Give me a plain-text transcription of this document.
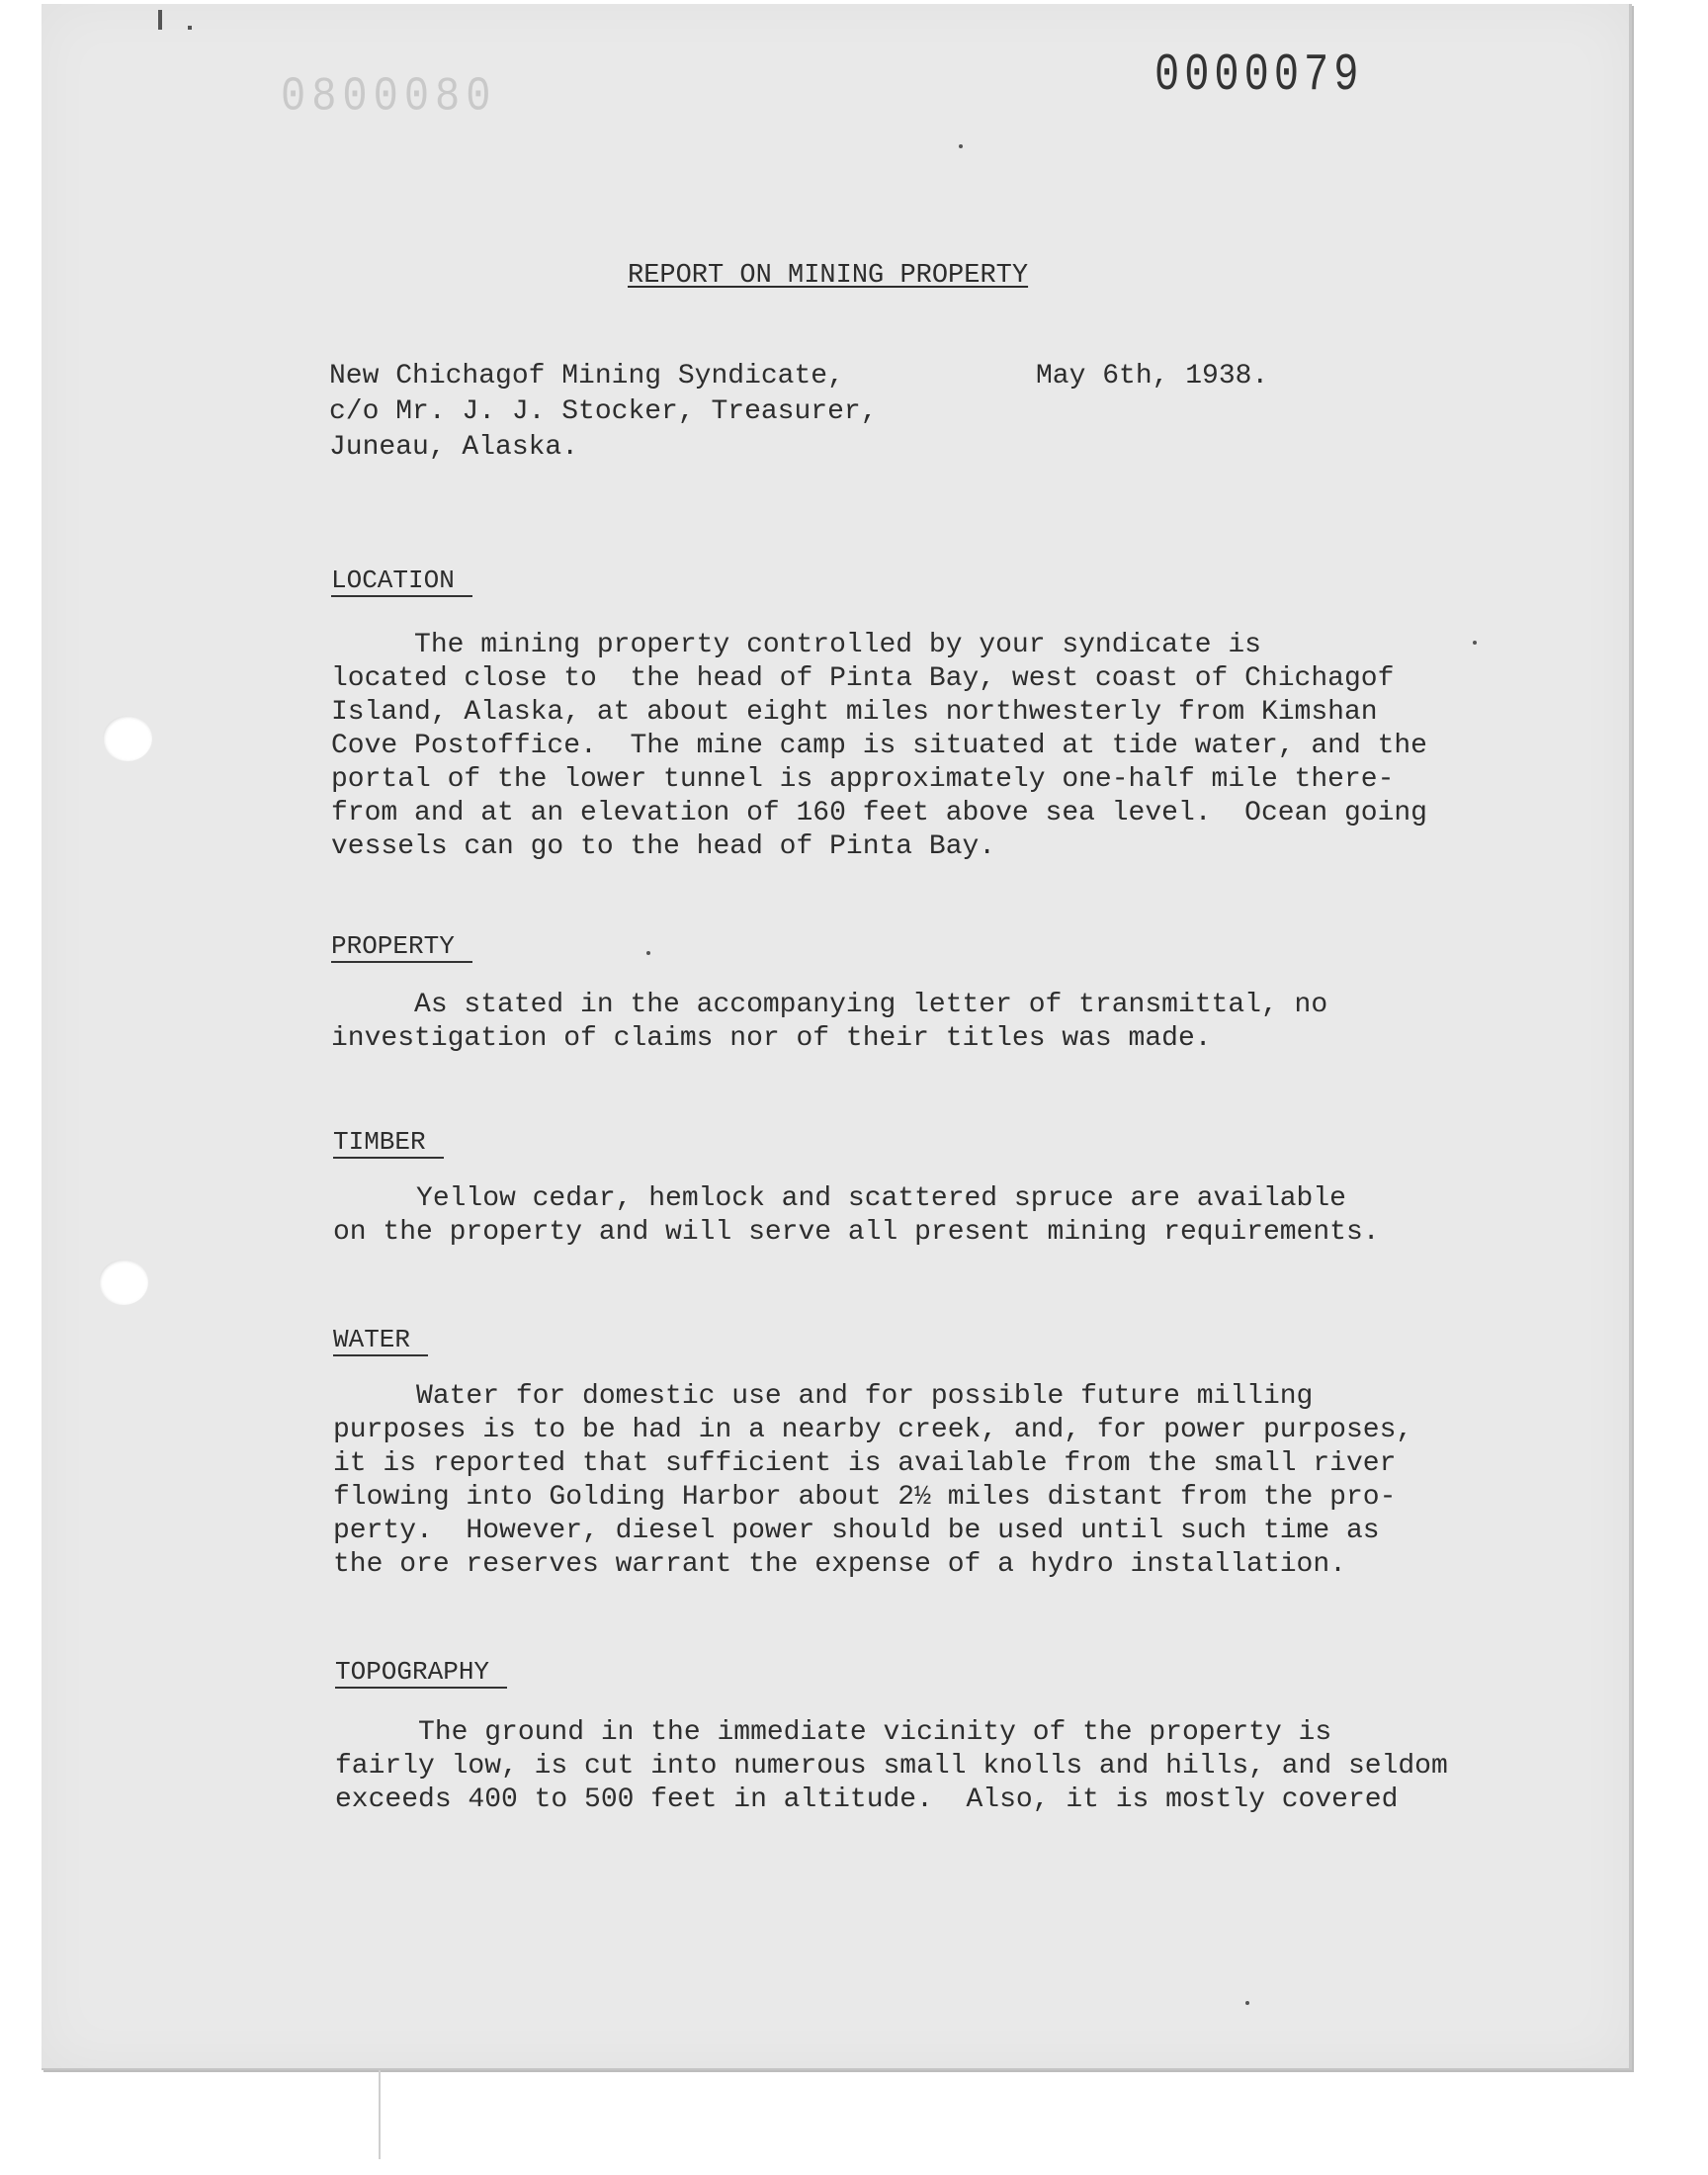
0800080	0000079
REPORT ON MINING PROPERTY
New Chichagof Mining Syndicate,
c/o Mr. J. J. Stocker, Treasurer,
Juneau, Alaska.
May 6th, 1938.
LOCATION
The mining property controlled by your syndicate is
located close to  the head of Pinta Bay, west coast of Chichagof
Island, Alaska, at about eight miles northwesterly from Kimshan
Cove Postoffice.  The mine camp is situated at tide water, and the
portal of the lower tunnel is approximately one-half mile there-
from and at an elevation of 160 feet above sea level.  Ocean going
vessels can go to the head of Pinta Bay.
PROPERTY
As stated in the accompanying letter of transmittal, no
investigation of claims nor of their titles was made.
TIMBER
Yellow cedar, hemlock and scattered spruce are available
on the property and will serve all present mining requirements.
WATER
Water for domestic use and for possible future milling
purposes is to be had in a nearby creek, and, for power purposes,
it is reported that sufficient is available from the small river
flowing into Golding Harbor about 2½ miles distant from the pro-
perty.  However, diesel power should be used until such time as
the ore reserves warrant the expense of a hydro installation.
TOPOGRAPHY
The ground in the immediate vicinity of the property is
fairly low, is cut into numerous small knolls and hills, and seldom
exceeds 400 to 500 feet in altitude.  Also, it is mostly covered
